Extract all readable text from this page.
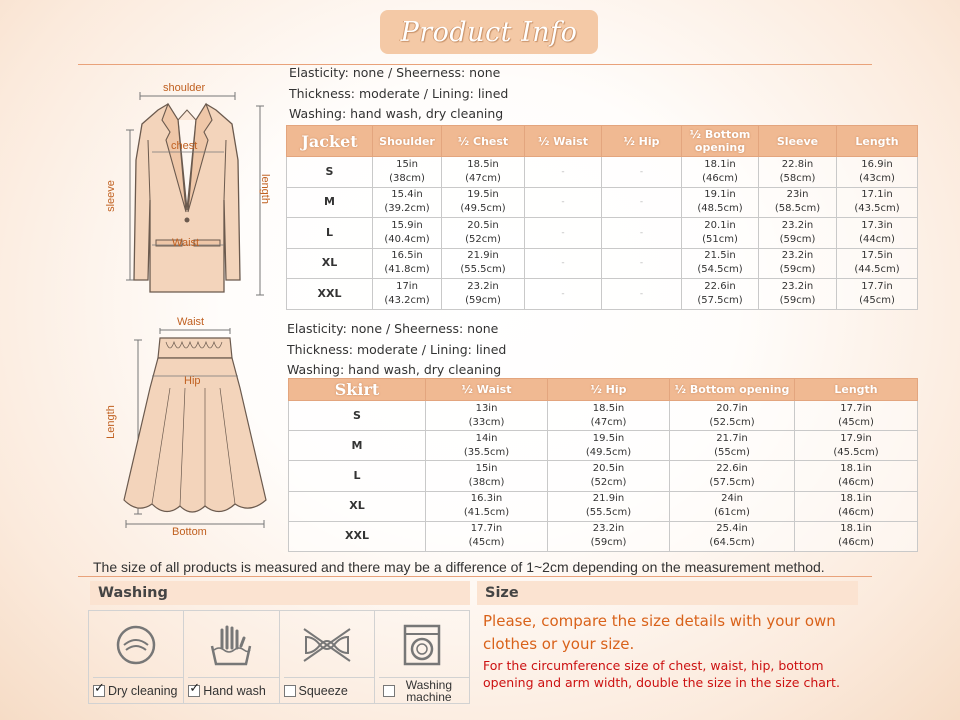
Product Info
shoulder
chest
Waist
sleeve	length
Waist
Hip
Length
Bottom
Elasticity: none / Sheerness: none
Thickness: moderate / Lining: lined
Washing: hand wash, dry cleaning
Jacket	Shoulder	½ Chest	½ Waist	½ Hip	½ Bottom opening	Sleeve	Length
S	15in
(38cm)	18.5in
(47cm)	-	-	18.1in
(46cm)	22.8in
(58cm)	16.9in
(43cm)

M	15.4in
(39.2cm)	19.5in
(49.5cm)	-	-	19.1in
(48.5cm)	23in
(58.5cm)	17.1in
(43.5cm)

L	15.9in
(40.4cm)	20.5in
(52cm)	-	-	20.1in
(51cm)	23.2in
(59cm)	17.3in
(44cm)

XL	16.5in
(41.8cm)	21.9in
(55.5cm)	-	-	21.5in
(54.5cm)	23.2in
(59cm)	17.5in
(44.5cm)

XXL	17in
(43.2cm)	23.2in
(59cm)	-	-	22.6in
(57.5cm)	23.2in
(59cm)	17.7in
(45cm)
Elasticity: none / Sheerness: none
Thickness: moderate / Lining: lined
Washing: hand wash, dry cleaning
Skirt	½ Waist	½ Hip	½ Bottom opening	Length
S	13in
(33cm)	18.5in
(47cm)	20.7in
(52.5cm)	17.7in
(45cm)

M	14in
(35.5cm)	19.5in
(49.5cm)	21.7in
(55cm)	17.9in
(45.5cm)

L	15in
(38cm)	20.5in
(52cm)	22.6in
(57.5cm)	18.1in
(46cm)

XL	16.3in
(41.5cm)	21.9in
(55.5cm)	24in
(61cm)	18.1in
(46cm)

XXL	17.7in
(45cm)	23.2in
(59cm)	25.4in
(64.5cm)	18.1in
(46cm)
The size of all products is measured and there may be a difference of 1~2cm depending on the measurement method.
Washing
✓
Dry cleaning ✓ Hand wash	Squeeze	Washing
machine
Size
Please, compare the size details with your own
clothes or your size.
For the circumference size of chest, waist, hip, bottom
opening and arm width, double the size in the size chart.
